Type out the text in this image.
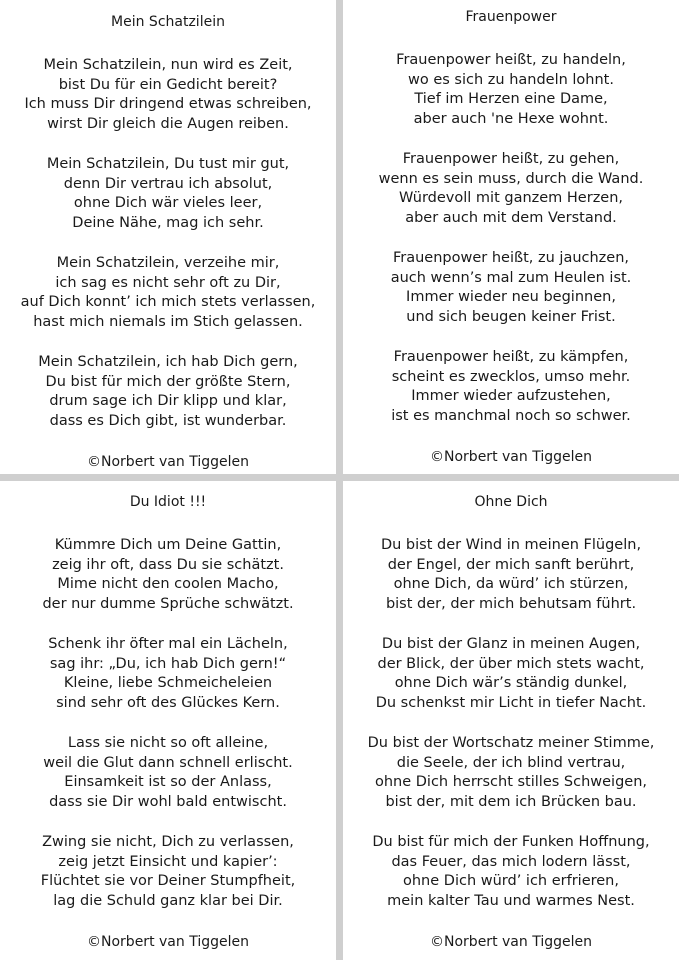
Mein Schatzilein
Mein Schatzilein, nun wird es Zeit,
bist Du für ein Gedicht bereit?
Ich muss Dir dringend etwas schreiben,
wirst Dir gleich die Augen reiben.
Mein Schatzilein, Du tust mir gut,
denn Dir vertrau ich absolut,
ohne Dich wär vieles leer,
Deine Nähe, mag ich sehr.
Mein Schatzilein, verzeihe mir,
ich sag es nicht sehr oft zu Dir,
auf Dich konnt’ ich mich stets verlassen,
hast mich niemals im Stich gelassen.
Mein Schatzilein, ich hab Dich gern,
Du bist für mich der größte Stern,
drum sage ich Dir klipp und klar,
dass es Dich gibt, ist wunderbar.
©Norbert van Tiggelen
Frauenpower
Frauenpower heißt, zu handeln,
wo es sich zu handeln lohnt.
Tief im Herzen eine Dame,
aber auch 'ne Hexe wohnt.
Frauenpower heißt, zu gehen,
wenn es sein muss, durch die Wand.
Würdevoll mit ganzem Herzen,
aber auch mit dem Verstand.
Frauenpower heißt, zu jauchzen,
auch wenn’s mal zum Heulen ist.
Immer wieder neu beginnen,
und sich beugen keiner Frist.
Frauenpower heißt, zu kämpfen,
scheint es zwecklos, umso mehr.
Immer wieder aufzustehen,
ist es manchmal noch so schwer.
©Norbert van Tiggelen
Du Idiot !!!
Kümmre Dich um Deine Gattin,
zeig ihr oft, dass Du sie schätzt.
Mime nicht den coolen Macho,
der nur dumme Sprüche schwätzt.
Schenk ihr öfter mal ein Lächeln,
sag ihr: „Du, ich hab Dich gern!“
Kleine, liebe Schmeicheleien
sind sehr oft des Glückes Kern.
Lass sie nicht so oft alleine,
weil die Glut dann schnell erlischt.
Einsamkeit ist so der Anlass,
dass sie Dir wohl bald entwischt.
Zwing sie nicht, Dich zu verlassen,
zeig jetzt Einsicht und kapier’:
Flüchtet sie vor Deiner Stumpfheit,
lag die Schuld ganz klar bei Dir.
©Norbert van Tiggelen
Ohne Dich
Du bist der Wind in meinen Flügeln,
der Engel, der mich sanft berührt,
ohne Dich, da würd’ ich stürzen,
bist der, der mich behutsam führt.
Du bist der Glanz in meinen Augen,
der Blick, der über mich stets wacht,
ohne Dich wär’s ständig dunkel,
Du schenkst mir Licht in tiefer Nacht.
Du bist der Wortschatz meiner Stimme,
die Seele, der ich blind vertrau,
ohne Dich herrscht stilles Schweigen,
bist der, mit dem ich Brücken bau.
Du bist für mich der Funken Hoffnung,
das Feuer, das mich lodern lässt,
ohne Dich würd’ ich erfrieren,
mein kalter Tau und warmes Nest.
©Norbert van Tiggelen
